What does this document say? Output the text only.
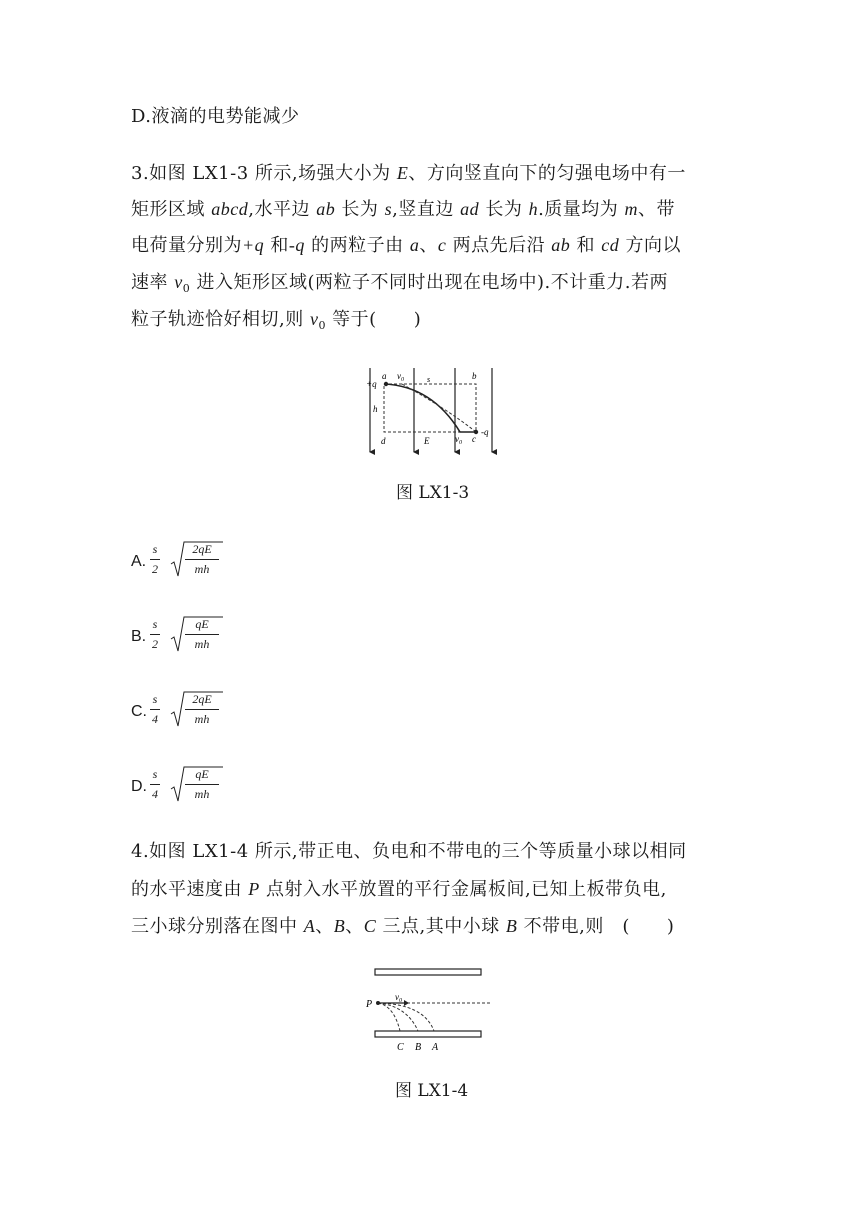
D.液滴的电势能减少
3.如图 LX1-3 所示,场强大小为 E、方向竖直向下的匀强电场中有一
矩形区域 abcd,水平边 ab 长为 s,竖直边 ad 长为 h.质量均为 m、带
电荷量分别为+q 和-q 的两粒子由 a、c 两点先后沿 ab 和 cd 方向以
速率 $v_0$ 进入矩形区域(两粒子不同时出现在电场中).不计重力.若两
粒子轨迹恰好相切,则 $v_0$ 等于(　　)
+q
a $v_0$	s	b
h
d	E	$v_0$ c
-q
图 LX1-3
A.
s
2
2qE
mh
B.
s
2
qE
mh
C.
s
4
2qE
mh
D.
s
4
qE
mh
4.如图 LX1-4 所示,带正电、负电和不带电的三个等质量小球以相同
的水平速度由 P 点射入水平放置的平行金属板间,已知上板带负电,
三小球分别落在图中 A、B、C 三点,其中小球 B 不带电,则　(　　)
P
$v_0$
C B A
图 LX1-4
